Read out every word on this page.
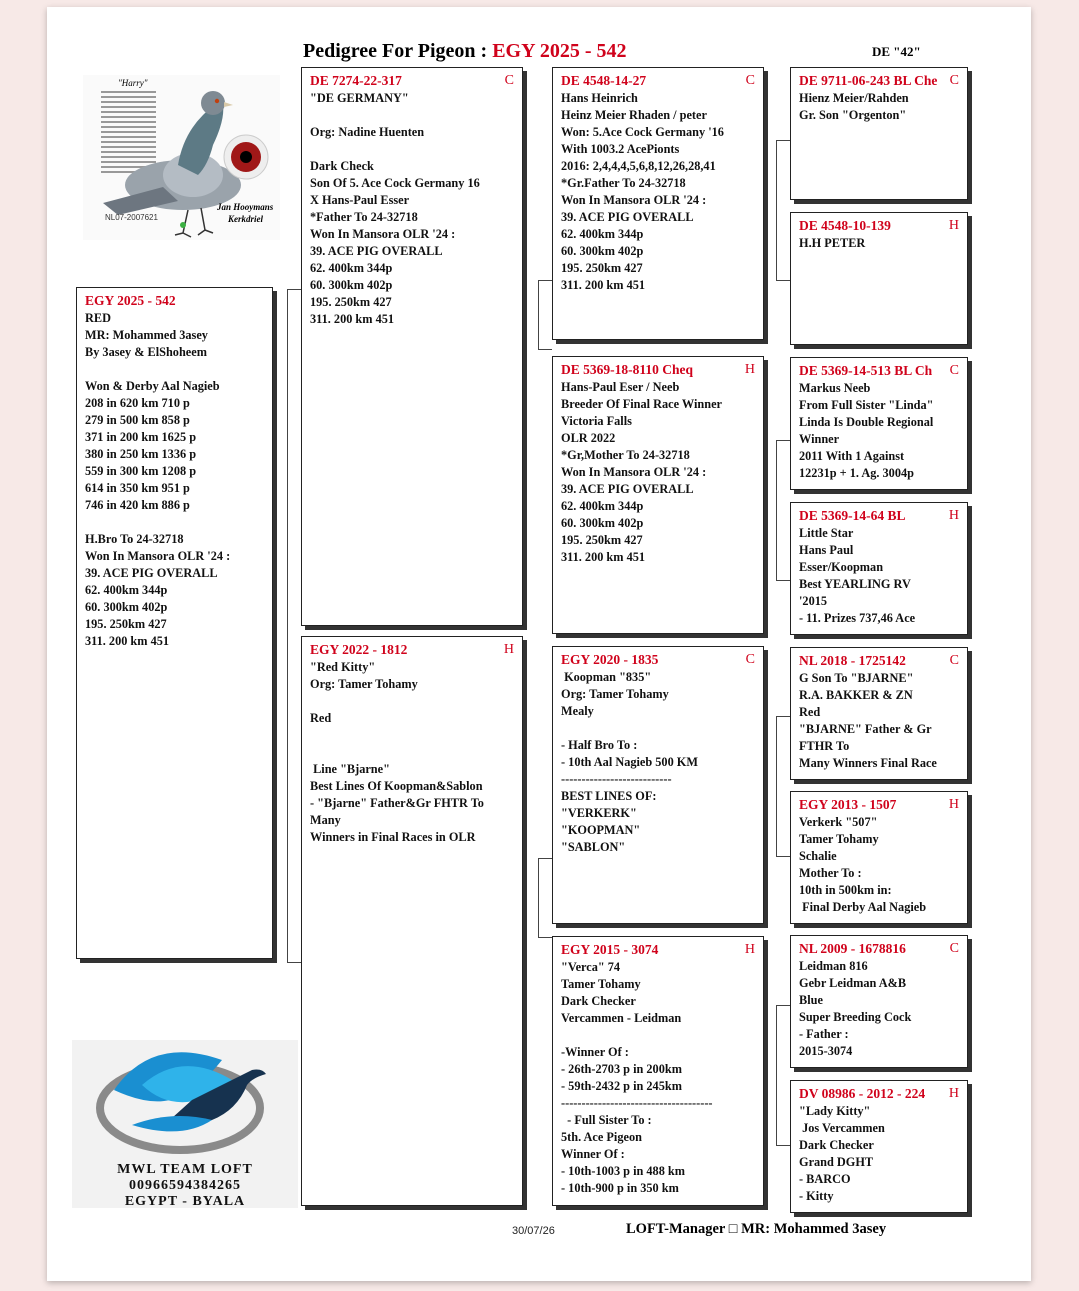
Pedigree For Pigeon : EGY 2025 - 542	DE "42"
"Harry"
NL07-2007621
Jan Hooymans
Kerkdriel
EGY 2025 - 542
RED
MR: Mohammed 3asey
By 3asey & ElShoheem
Won & Derby Aal Nagieb
208 in 620 km 710 p
279 in 500 km 858 p
371 in 200 km 1625 p
380 in 250 km 1336 p
559 in 300 km 1208 p
614 in 350 km 951 p
746 in 420 km 886 p
H.Bro To 24-32718
Won In Mansora OLR '24 :
39. ACE PIG OVERALL
62. 400km 344p
60. 300km 402p
195. 250km 427
311. 200 km 451
DE 7274-22-317	C
"DE GERMANY"
Org: Nadine Huenten
Dark Check
Son Of 5. Ace Cock Germany 16
X Hans-Paul Esser
*Father To 24-32718
Won In Mansora OLR '24 :
39. ACE PIG OVERALL
62. 400km 344p
60. 300km 402p
195. 250km 427
311. 200 km 451
EGY 2022 - 1812	H
"Red Kitty"
Org: Tamer Tohamy
Red
Line "Bjarne"
Best Lines Of Koopman&Sablon
- "Bjarne" Father&Gr FHTR To
Many
Winners in Final Races in OLR
DE 4548-14-27	C
Hans Heinrich
Heinz Meier Rhaden / peter
Won: 5.Ace Cock Germany '16
With 1003.2 AcePionts
2016: 2,4,4,4,5,6,8,12,26,28,41
*Gr.Father To 24-32718
Won In Mansora OLR '24 :
39. ACE PIG OVERALL
62. 400km 344p
60. 300km 402p
195. 250km 427
311. 200 km 451
DE 5369-18-8110 Cheq	H
Hans-Paul Eser / Neeb
Breeder Of Final Race Winner
Victoria Falls
OLR 2022
*Gr,Mother To 24-32718
Won In Mansora OLR '24 :
39. ACE PIG OVERALL
62. 400km 344p
60. 300km 402p
195. 250km 427
311. 200 km 451
EGY 2020 - 1835	C
Koopman "835"
Org: Tamer Tohamy
Mealy
- Half Bro To :
- 10th Aal Nagieb 500 KM
---------------------------
BEST LINES OF:
"VERKERK"
"KOOPMAN"
"SABLON"
EGY 2015 - 3074	H
"Verca" 74
Tamer Tohamy
Dark Checker
Vercammen - Leidman
-Winner Of :
- 26th-2703 p in 200km
- 59th-2432 p in 245km
-------------------------------------
- Full Sister To :
5th. Ace Pigeon
Winner Of :
- 10th-1003 p in 488 km
- 10th-900 p in 350 km
DE 9711-06-243 BL Che C
Hienz Meier/Rahden
Gr. Son "Orgenton"
DE 4548-10-139	H
H.H PETER
DE 5369-14-513 BL Ch C
Markus Neeb
From Full Sister "Linda"
Linda Is Double Regional
Winner
2011 With 1 Against
12231p + 1. Ag. 3004p
DE 5369-14-64 BL	H
Little Star
Hans Paul
Esser/Koopman
Best YEARLING RV
'2015
- 11. Prizes 737,46 Ace
NL 2018 - 1725142	C
G Son To "BJARNE"
R.A. BAKKER & ZN
Red
"BJARNE" Father & Gr
FTHR To
Many Winners Final Race
EGY 2013 - 1507	H
Verkerk "507"
Tamer Tohamy
Schalie
Mother To :
10th in 500km in:
Final Derby Aal Nagieb
NL 2009 - 1678816	C
Leidman 816
Gebr Leidman A&B
Blue
Super Breeding Cock
- Father :
2015-3074
DV 08986 - 2012 - 224 H
"Lady Kitty"
Jos Vercammen
Dark Checker
Grand DGHT
- BARCO
- Kitty
MWL TEAM LOFT
00966594384265
EGYPT - BYALA
30/07/26	LOFT-Manager □ MR: Mohammed 3asey
